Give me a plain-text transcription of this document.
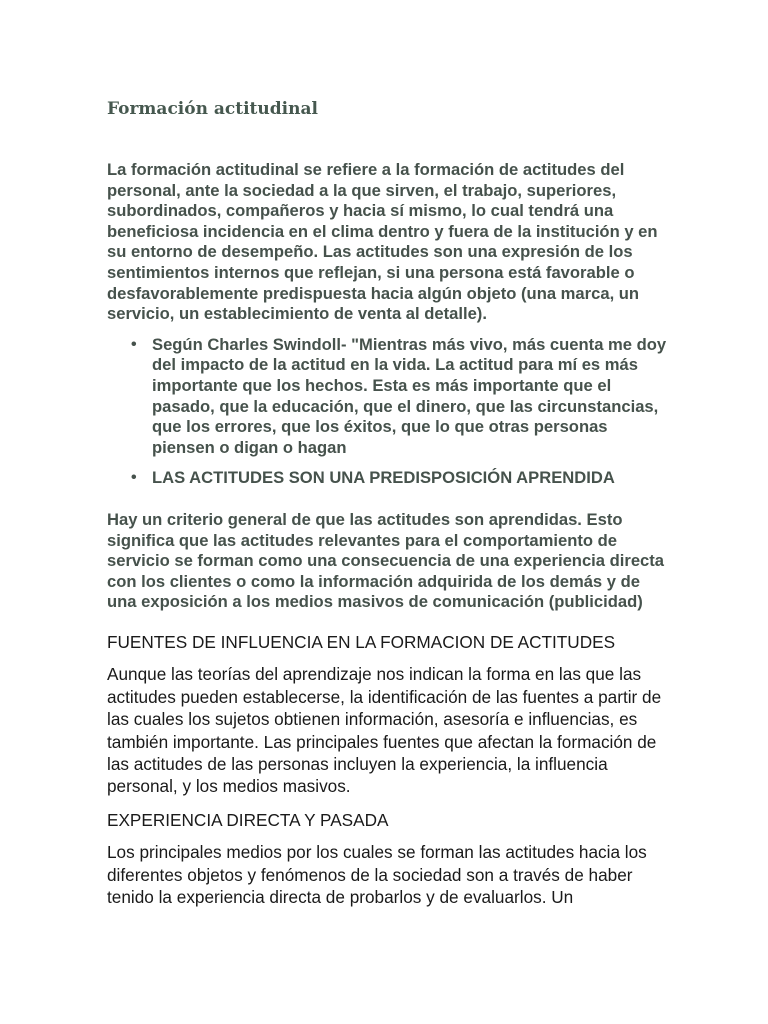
Formación actitudinal

La formación actitudinal se refiere a la formación de actitudes del personal, ante la sociedad a la que sirven, el trabajo, superiores, subordinados, compañeros y hacia sí mismo, lo cual tendrá una beneficiosa incidencia en el clima dentro y fuera de la institución y en su entorno de desempeño. Las actitudes son una expresión de los sentimientos internos que reflejan, si una persona está favorable o desfavorablemente predispuesta hacia algún objeto (una marca, un servicio, un establecimiento de venta al detalle).

• Según Charles Swindoll- "Mientras más vivo, más cuenta me doy del impacto de la actitud en la vida. La actitud para mí es más importante que los hechos. Esta es más importante que el pasado, que la educación, que el dinero, que las circunstancias, que los errores, que los éxitos, que lo que otras personas piensen o digan o hagan
• LAS ACTITUDES SON UNA PREDISPOSICIÓN APRENDIDA

Hay un criterio general de que las actitudes son aprendidas. Esto significa que las actitudes relevantes para el comportamiento de servicio se forman como una consecuencia de una experiencia directa con los clientes o como la información adquirida de los demás y de una exposición a los medios masivos de comunicación (publicidad)

FUENTES DE INFLUENCIA EN LA FORMACION DE ACTITUDES

Aunque las teorías del aprendizaje nos indican la forma en las que las actitudes pueden establecerse, la identificación de las fuentes a partir de las cuales los sujetos obtienen información, asesoría e influencias, es también importante. Las principales fuentes que afectan la formación de las actitudes de las personas incluyen la experiencia, la influencia personal, y los medios masivos.

EXPERIENCIA DIRECTA Y PASADA

Los principales medios por los cuales se forman las actitudes hacia los diferentes objetos y fenómenos de la sociedad son a través de haber tenido la experiencia directa de probarlos y de evaluarlos. Un
